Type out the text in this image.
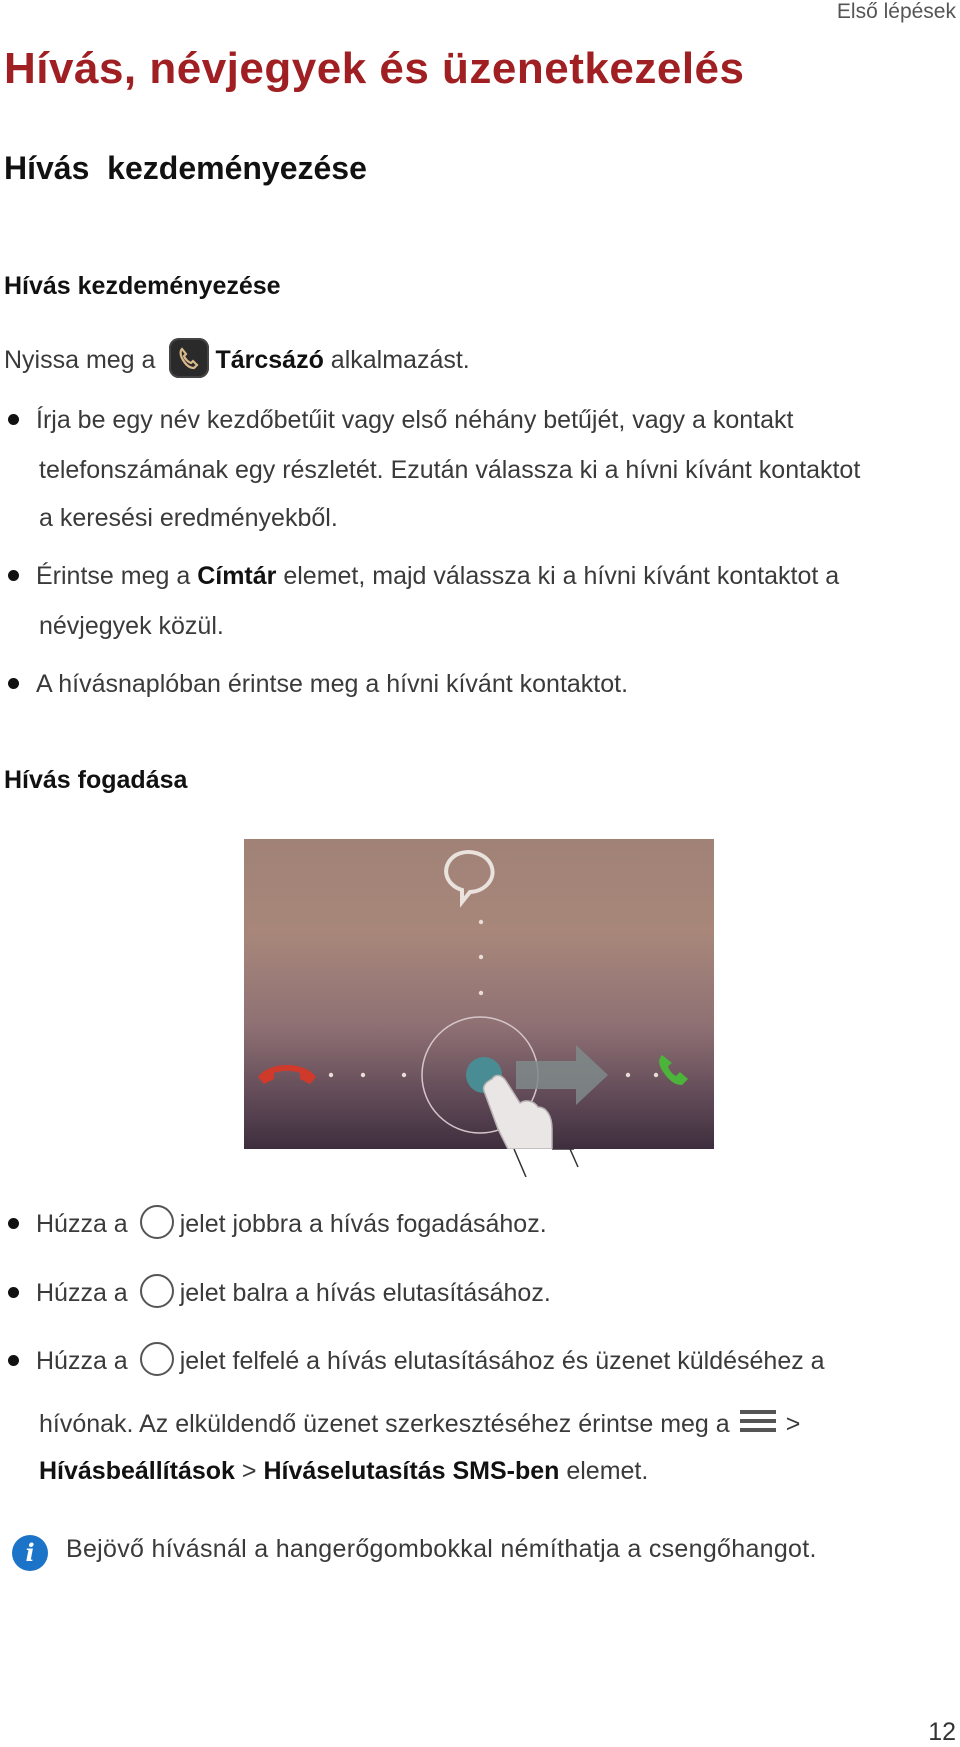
Első lépések
Hívás, névjegyek és üzenetkezelés
Hívás  kezdeményezése
Hívás kezdeményezése
Nyissa meg a Tárcsázó alkalmazást.
Írja be egy név kezdőbetűit vagy első néhány betűjét, vagy a kontakt
telefonszámának egy részletét. Ezután válassza ki a hívni kívánt kontaktot
a keresési eredményekből.
Érintse meg a Címtár elemet, majd válassza ki a hívni kívánt kontaktot a
névjegyek közül.
A hívásnaplóban érintse meg a hívni kívánt kontaktot.
Hívás fogadása
Húzza a jelet jobbra a hívás fogadásához.
Húzza a jelet balra a hívás elutasításához.
Húzza a jelet felfelé a hívás elutasításához és üzenet küldéséhez a
hívónak. Az elküldendő üzenet szerkesztéséhez érintse meg a >
Hívásbeállítások > Híváselutasítás SMS-ben elemet.
i	Bejövő hívásnál a hangerőgombokkal némíthatja a csengőhangot.
12
